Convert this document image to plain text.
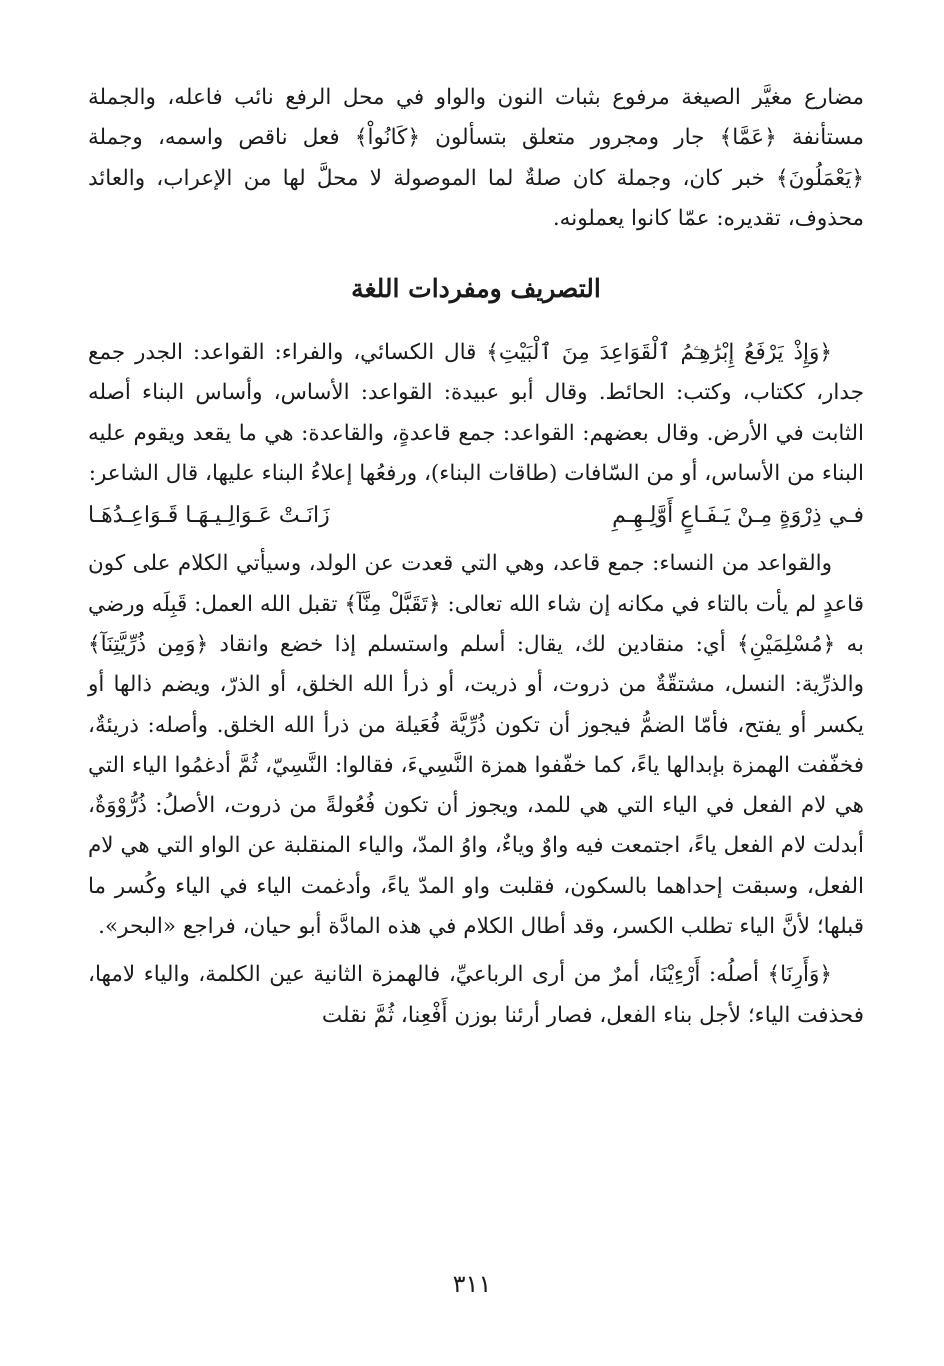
مضارع مغيَّر الصيغة مرفوع بثبات النون والواو في محل الرفع نائب فاعله، والجملة مستأنفة ﴿عَمَّا﴾ جار ومجرور متعلق بتسألون ﴿كَانُواْ﴾ فعل ناقص واسمه، وجملة ﴿يَعْمَلُونَ﴾ خبر كان، وجملة كان صلةٌ لما الموصولة لا محلَّ لها من الإعراب، والعائد محذوف، تقديره: عمّا كانوا يعملونه.

التصريف ومفردات اللغة

﴿وَإِذْ يَرْفَعُ إِبْرَٰهِـۧمُ ٱلْقَوَاعِدَ مِنَ ٱلْبَيْتِ﴾ قال الكسائي، والفراء: القواعد: الجدر جمع جدار، ككتاب، وكتب: الحائط. وقال أبو عبيدة: القواعد: الأساس، وأساس البناء أصله الثابت في الأرض. وقال بعضهم: القواعد: جمع قاعدةٍ، والقاعدة: هي ما يقعد ويقوم عليه البناء من الأساس، أو من السّافات (طاقات البناء)، ورفعُها إعلاءُ البناء عليها، قال الشاعر:

فـي ذِرْوَةٍ مِـنْ يَـفَـاعٍ أَوَّلِـهِـمِ
زَانَـتْ عَـوَالِـيـهَـا قَـوَاعِـدُهَـا

والقواعد من النساء: جمع قاعد، وهي التي قعدت عن الولد، وسيأتي الكلام على كون قاعدٍ لم يأت بالتاء في مكانه إن شاء الله تعالى: ﴿تَقَبَّلْ مِنَّآ﴾ تقبل الله العمل: قَبِلَه ورضي به ﴿مُسْلِمَيْنِ﴾ أي: منقادين لك، يقال: أسلم واستسلم إذا خضع وانقاد ﴿وَمِن ذُرِّيَّتِنَآ﴾ والذرِّية: النسل، مشتقّةٌ من ذروت، أو ذريت، أو ذرأ الله الخلق، أو الذرّ، ويضم ذالها أو يكسر أو يفتح، فأمّا الضمُّ فيجوز أن تكون ذُرِّيَّة فُعَيلة من ذرأ الله الخلق. وأصله: ذريئةٌ، فخفّفت الهمزة بإبدالها ياءً، كما خفّفوا همزة النَّسِيءَ، فقالوا: النَّسِيّ، ثُمَّ أدغمُوا الياء التي هي لام الفعل في الياء التي هي للمد، ويجوز أن تكون فُعُولةً من ذروت، الأصلُ: ذُرُّوْوَةٌ، أبدلت لام الفعل ياءً، اجتمعت فيه واوٌ وياءٌ، واوُ المدّ، والياء المنقلبة عن الواو التي هي لام الفعل، وسبقت إحداهما بالسكون، فقلبت واو المدّ ياءً، وأدغمت الياء في الياء وكُسر ما قبلها؛ لأنَّ الياء تطلب الكسر، وقد أطال الكلام في هذه المادَّة أبو حيان، فراجع «البحر».

﴿وَأَرِنَا﴾ أصلُه: أَرْءِيْنَا، أمرٌ من أرى الرباعيِّ، فالهمزة الثانية عين الكلمة، والياء لامها، فحذفت الياء؛ لأجل بناء الفعل، فصار أرئنا بوزن أَفْعِنا، ثُمَّ نقلت

٣١١
